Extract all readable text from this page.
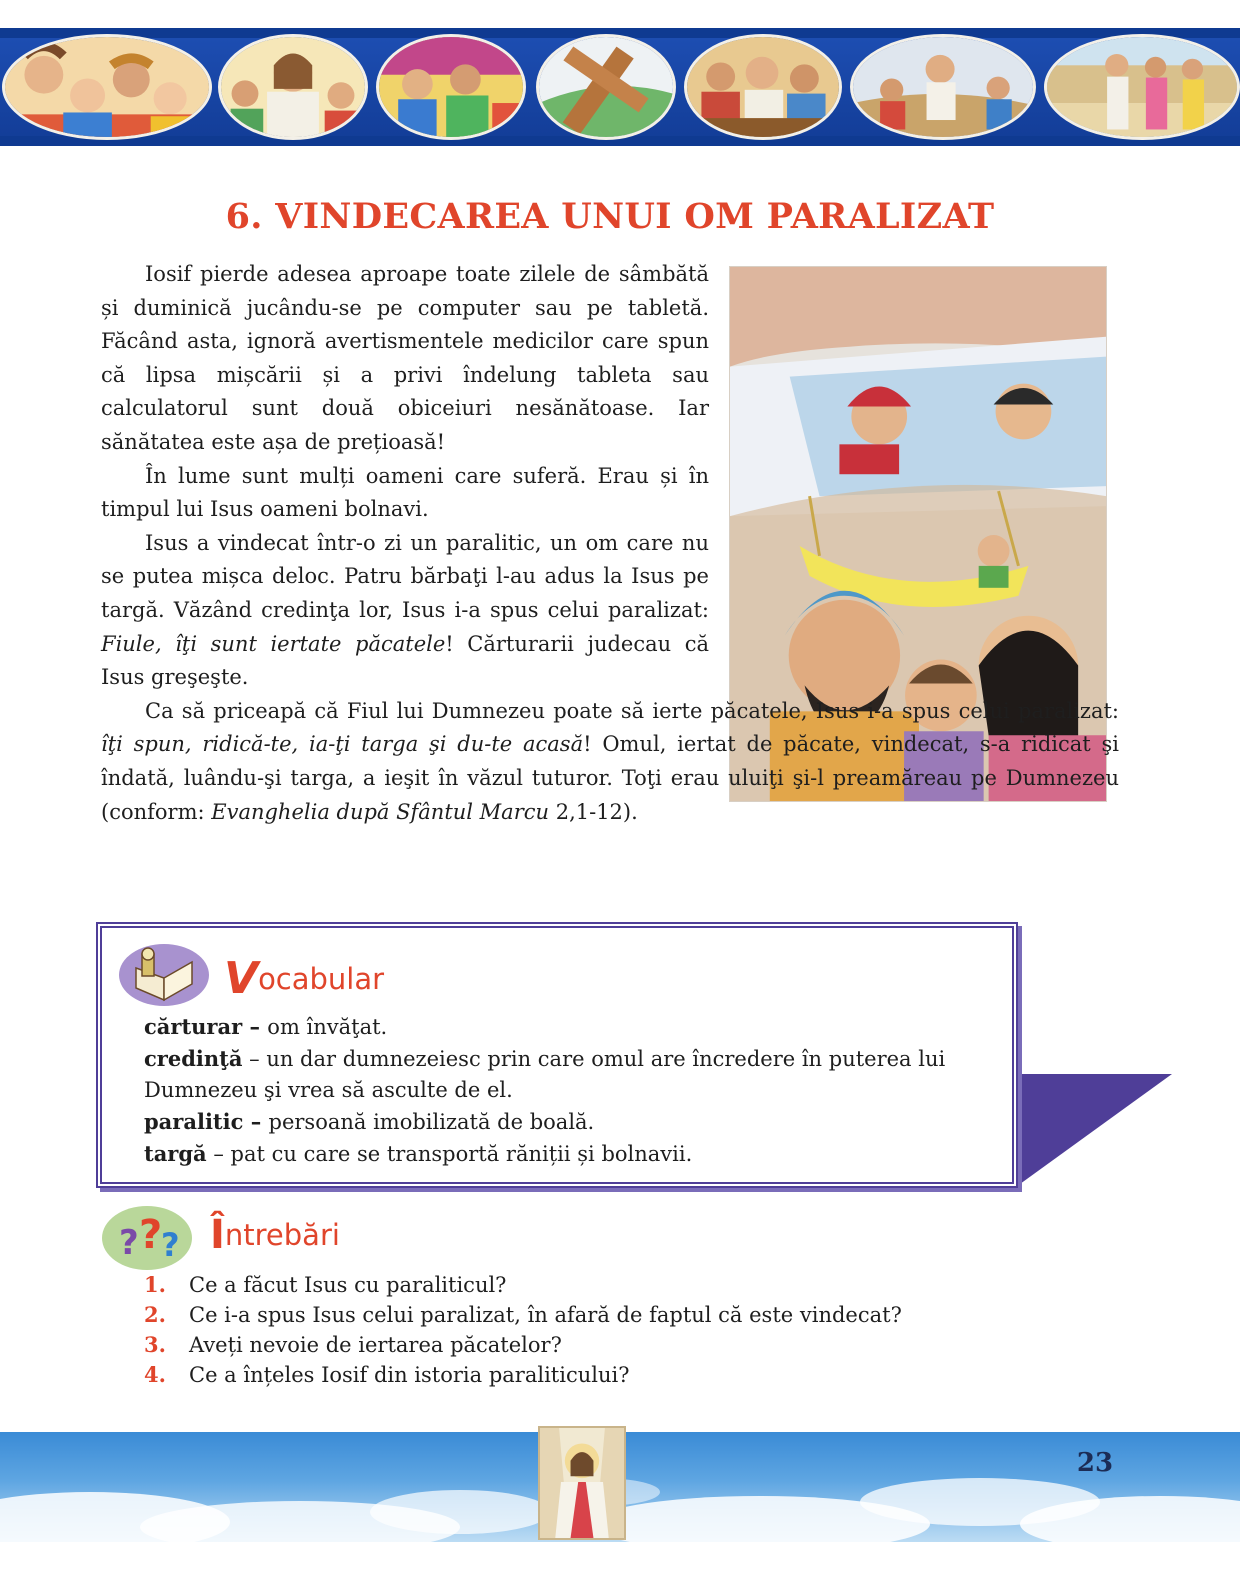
6. VINDECAREA UNUI OM PARALIZAT

Iosif pierde adesea aproape toate zilele de sâmbătă și duminică jucându-se pe computer sau pe tabletă. Făcând asta, ignoră avertismentele medicilor care spun că lipsa mișcării și a privi îndelung tableta sau calculatorul sunt două obiceiuri nesănătoase. Iar sănătatea este așa de prețioasă!

În lume sunt mulți oameni care suferă. Erau și în timpul lui Isus oameni bolnavi.

Isus a vindecat într-o zi un paralitic, un om care nu se putea mișca deloc. Patru bărbaţi l-au adus la Isus pe targă. Văzând credinţa lor, Isus i-a spus celui paralizat: Fiule, îţi sunt iertate păcatele! Cărturarii judecau că Isus greşeşte.

Ca să priceapă că Fiul lui Dumnezeu poate să ierte păcatele, Isus i-a spus celui paralizat: îţi spun, ridică-te, ia-ţi targa şi du-te acasă! Omul, iertat de păcate, vindecat, s-a ridicat şi îndată, luându-şi targa, a ieşit în văzul tuturor. Toţi erau uluiţi şi-l preamăreau pe Dumnezeu (conform: Evanghelia după Sfântul Marcu 2,1-12).

Vocabular
cărturar – om învăţat.
credinţă – un dar dumnezeiesc prin care omul are încredere în puterea lui Dumnezeu şi vrea să asculte de el.
paralitic – persoană imobilizată de boală.
targă – pat cu care se transportă răniții și bolnavii.
? ?
? Întrebări
1.	Ce a făcut Isus cu paraliticul?
2.	Ce i-a spus Isus celui paralizat, în afară de faptul că este vindecat?
3.	Aveți nevoie de iertarea păcatelor?
4.	Ce a înțeles Iosif din istoria paraliticului?
23
